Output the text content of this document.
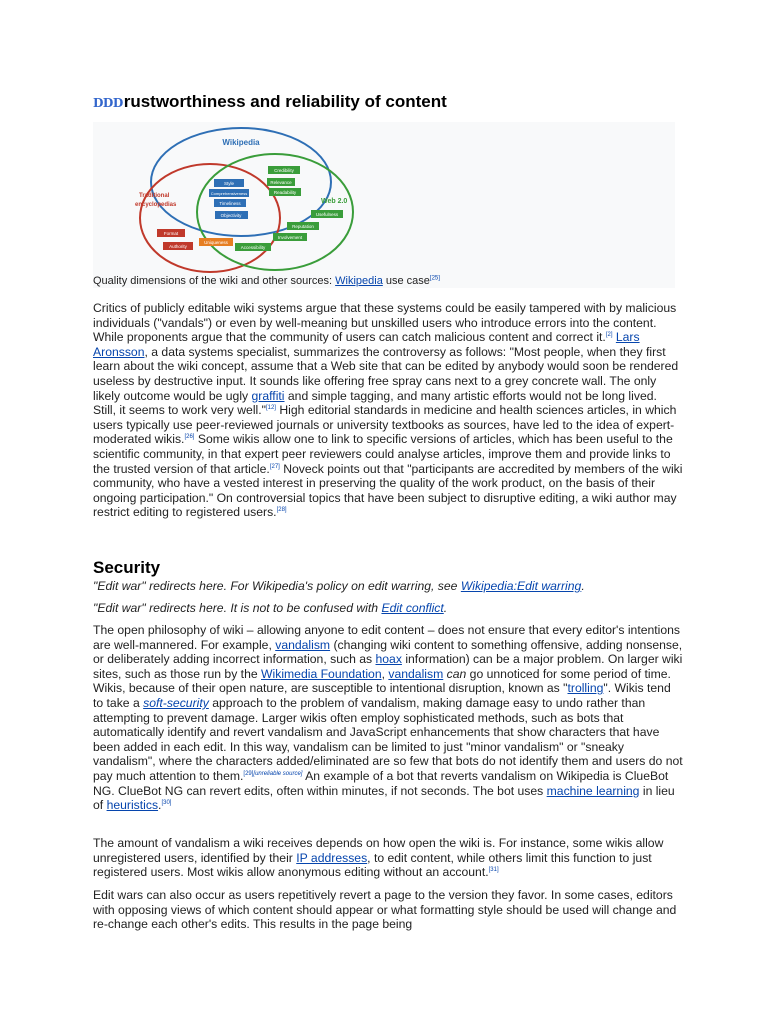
DDDrustworthiness and reliability of content
Wikipedia
Traditional
encyclopedias	Web 2.0
Style
Comprehensiveness
Timeliness
Objectivity
Credibility
Relevance
Readability
Usefulness
Reputation
Involvement
Accessibility
Format
Authority
Uniqueness
Quality dimensions of the wiki and other sources: Wikipedia use case[25]
Critics of publicly editable wiki systems argue that these systems could be easily tampered with by malicious individuals ("vandals") or even by well-meaning but unskilled users who introduce errors into the content. While proponents argue that the community of users can catch malicious content and correct it.[2] Lars Aronsson, a data systems specialist, summarizes the controversy as follows: "Most people, when they first learn about the wiki concept, assume that a Web site that can be edited by anybody would soon be rendered useless by destructive input. It sounds like offering free spray cans next to a grey concrete wall. The only likely outcome would be ugly graffiti and simple tagging, and many artistic efforts would not be long lived. Still, it seems to work very well."[12] High editorial standards in medicine and health sciences articles, in which users typically use peer-reviewed journals or university textbooks as sources, have led to the idea of expert-moderated wikis.[26] Some wikis allow one to link to specific versions of articles, which has been useful to the scientific community, in that expert peer reviewers could analyse articles, improve them and provide links to the trusted version of that article.[27] Noveck points out that "participants are accredited by members of the wiki community, who have a vested interest in preserving the quality of the work product, on the basis of their ongoing participation." On controversial topics that have been subject to disruptive editing, a wiki author may restrict editing to registered users.[28]
Security
"Edit war" redirects here. For Wikipedia's policy on edit warring, see Wikipedia:Edit warring.
"Edit war" redirects here. It is not to be confused with Edit conflict.
The open philosophy of wiki – allowing anyone to edit content – does not ensure that every editor's intentions are well-mannered. For example, vandalism (changing wiki content to something offensive, adding nonsense, or deliberately adding incorrect information, such as hoax information) can be a major problem. On larger wiki sites, such as those run by the Wikimedia Foundation, vandalism can go unnoticed for some period of time. Wikis, because of their open nature, are susceptible to intentional disruption, known as "trolling". Wikis tend to take a soft-security approach to the problem of vandalism, making damage easy to undo rather than attempting to prevent damage. Larger wikis often employ sophisticated methods, such as bots that automatically identify and revert vandalism and JavaScript enhancements that show characters that have been added in each edit. In this way, vandalism can be limited to just "minor vandalism" or "sneaky vandalism", where the characters added/eliminated are so few that bots do not identify them and users do not pay much attention to them.[29][unreliable source] An example of a bot that reverts vandalism on Wikipedia is ClueBot NG. ClueBot NG can revert edits, often within minutes, if not seconds. The bot uses machine learning in lieu of heuristics.[30]
The amount of vandalism a wiki receives depends on how open the wiki is. For instance, some wikis allow unregistered users, identified by their IP addresses, to edit content, while others limit this function to just registered users. Most wikis allow anonymous editing without an account.[31]
Edit wars can also occur as users repetitively revert a page to the version they favor. In some cases, editors with opposing views of which content should appear or what formatting style should be used will change and re-change each other's edits. This results in the page being
